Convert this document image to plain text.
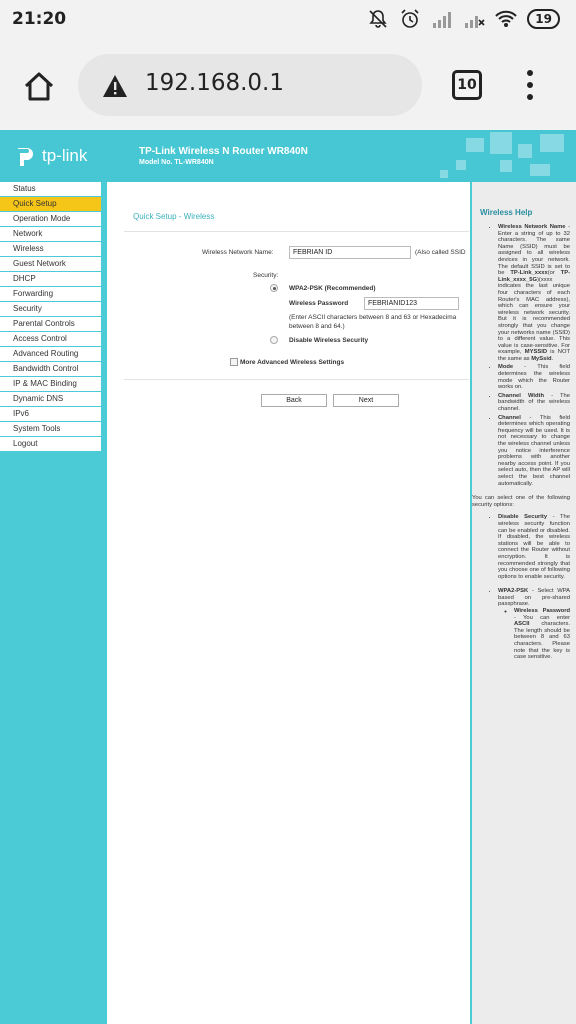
21:20	19
192.168.0.1	10
tp-link	TP-Link Wireless N Router WR840N
Model No. TL-WR840N
Status
Quick Setup
Operation Mode
Network
Wireless
Guest Network
DHCP
Forwarding
Security
Parental Controls
Access Control
Advanced Routing
Bandwidth Control
IP & MAC Binding
Dynamic DNS
IPv6
System Tools
Logout
Quick Setup - Wireless
Wireless Network Name:	FEBRIAN ID	(Also called SSID
Security:
WPA2-PSK (Recommended)
Wireless Password	FEBRIANID123
(Enter ASCII characters between 8 and 63 or Hexadecima
between 8 and 64.)
Disable Wireless Security
More Advanced Wireless Settings
Back	Next
Wireless Help
• Wireless Network Name - Enter a string of up to 32 characters. The same Name (SSID) must be assigned to all wireless devices in your network. The default SSID is set to be TP-Link_xxxx(or TP-Link_xxxx_5G)(xxxx indicates the last unique four characters of each Router's MAC address), which can ensure your wireless network security. But it is recommended strongly that you change your networks name (SSID) to a different value. This value is case-sensitive. For example, MYSSID is NOT the same as MySsid.
• Mode - This field determines the wireless mode which the Router works on.
• Channel Width - The bandwidth of the wireless channel.
• Channel - This field determines which operating frequency will be used. It is not necessary to change the wireless channel unless you notice interference problems with another nearby access point. If you select auto, then the AP will select the best channel automatically.

You can select one of the following security options:

• Disable Security - The wireless security function can be enabled or disabled. If disabled, the wireless stations will be able to connect the Router without encryption. It is recommended strongly that you choose one of following options to enable security.
• WPA2-PSK - Select WPA based on pre-shared passphrase.
◦ Wireless Password - You can enter ASCII characters. The length should be between 8 and 63 characters. Please note that the key is case sensitive.
